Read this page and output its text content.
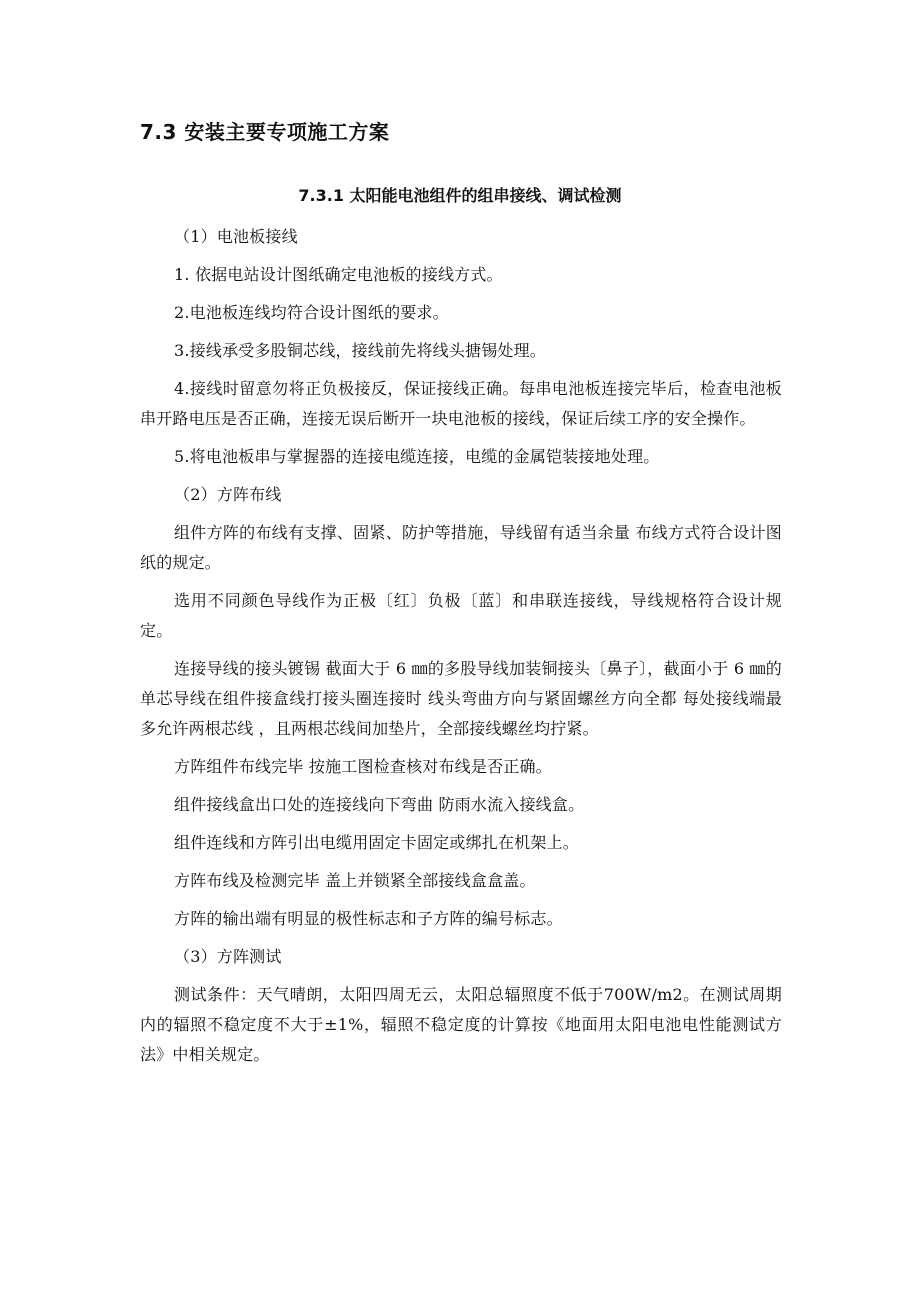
7.3 安装主要专项施工方案
7.3.1 太阳能电池组件的组串接线、调试检测

（1）电池板接线

1. 依据电站设计图纸确定电池板的接线方式。

2.电池板连线均符合设计图纸的要求。

3.接线承受多股铜芯线，接线前先将线头搪锡处理。

4.接线时留意勿将正负极接反，保证接线正确。每串电池板连接完毕后，检查电池板串开路电压是否正确，连接无误后断开一块电池板的接线，保证后续工序的安全操作。

5.将电池板串与掌握器的连接电缆连接，电缆的金属铠装接地处理。

（2）方阵布线

组件方阵的布线有支撑、固紧、防护等措施，导线留有适当余量 布线方式符合设计图纸的规定。

选用不同颜色导线作为正极〔红〕负极〔蓝〕和串联连接线，导线规格符合设计规定。

连接导线的接头镀锡 截面大于 6 ㎜的多股导线加装铜接头〔鼻子〕，截面小于 6 ㎜的单芯导线在组件接盒线打接头圈连接时 线头弯曲方向与紧固螺丝方向全都 每处接线端最多允许两根芯线 ，且两根芯线间加垫片，全部接线螺丝均拧紧。

方阵组件布线完毕 按施工图检查核对布线是否正确。

组件接线盒出口处的连接线向下弯曲 防雨水流入接线盒。

组件连线和方阵引出电缆用固定卡固定或绑扎在机架上。

方阵布线及检测完毕 盖上并锁紧全部接线盒盒盖。

方阵的输出端有明显的极性标志和子方阵的编号标志。

（3）方阵测试

测试条件：天气晴朗，太阳四周无云，太阳总辐照度不低于700W/m2。在测试周期内的辐照不稳定度不大于±1%，辐照不稳定度的计算按《地面用太阳电池电性能测试方法》中相关规定。
